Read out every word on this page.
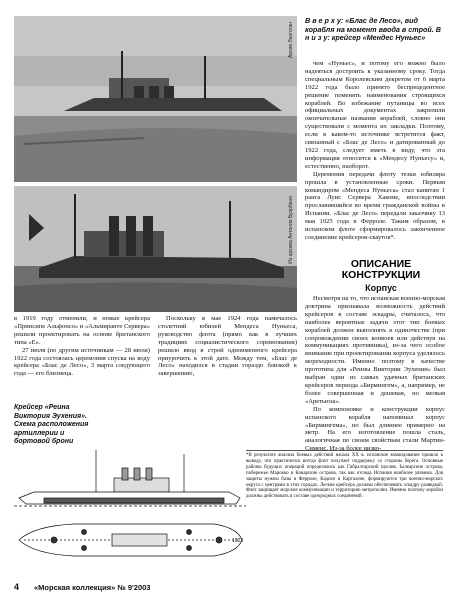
Архив Лангоган
В в е р х у: «Блас де Лесо», вид корабля на момент ввода в строй. В н и з у: крейсер «Мендес Нуньес»

чем «Нуньес», и потому его можно было надеяться достроить к указанному сроку. Тогда специальным Королевским декретом от 6 марта 1922 года было принято беспрецедентное решение поменять наименования строящихся кораблей. Во избежание путаницы во всех официальных документах закрепили окончательные названия кораблей, словно они существовали с момента их закладки. Поэтому, если в каком-то источнике встретится факт, связанный с «Блас де Лесо» и датированный до 1922 года, следует иметь в виду, что эта информация относится к «Мендесу Нуньесу» и, естественно, наоборот.

Церемония передачи флоту тезки юбиляра прошла в установленные сроки. Первым командиром «Мендеса Нуньеса» стал капитан 1 ранга Луис Сервера Хакоме, впоследствии прославившийся во время гражданской войны в Испании. «Блас де Лесо» передали заказчику 13 мая 1925 года в Ферроле. Таким образом, в испанском флоте сформировалось законченное соединение крейсеров-скаутов*.

Из архива Антонио Буэрбано
ОПИСАНИЕ КОНСТРУКЦИИ
Корпус

Несмотря на то, что испанская военно-морская доктрина признавала возможность действий крейсеров в составе эскадры, считалось, что наиболее вероятные задачи этот тип боевых кораблей должен выполнять в одиночестве (при сопровождении своих конвоев или действуя на коммуникациях противника), из-за чего особое внимание при проектировании корпуса уделялось мореходности. Именно поэтому в качестве прототипа для «Реины Виктории Эухении» был выбран один из самых удачных британских крейсеров периода «Бирмингем», а, например, не более совершенная и дешевая, но мелкая «Аретьюза».

По компоновке и конструкции корпус испанского корабля напоминал корпус «Бирмингема», но был длиннее примерно на метр. На его изготовление пошла сталь, аналогичная по своим свойствам стали Мартин-Сименс. Из-за более низко-

в 1919 году отменили, и новые крейсера «Принсипе Альфонсо» и «Альмиранте Сервера» решили проектировать на основе британского типа «Е».

27 июля (по другим источникам — 28 июля) 1922 года состоялась церемония спуска на воду крейсера «Блас де Лесо», 3 марта следующего года — его близнеца.

Поскольку в мае 1924 года намечалось столетний юбилей Мендеса Нуньеса, руководство флота (прямо как в лучших традициях социалистического соревнования) решило ввод в строй одноименного крейсера приурочить к этой дате. Между тем, «Блас де Лесо» находился в стадии гораздо близкой к завершению,

Крейсер «Реина Виктория Эухения». Схема расположения артиллерии и бортовой брони
1923
*В результате анализа боевых действий начала XX в. испанское командование пришло к выводу, что практически всегда флот получает поддержку со стороны берега. Основные районы будущих операций определялись как Гибралтарский пролив, Балеарские острова, побережье Марокко и Канарские острова, так как отсюда Испания наиболее уязвима. Для защиты нужны базы в Ферроле, Кадисе и Картахене, формируются три военно-морских округа с центрами в этих городах. Легкие крейсера должны обеспечивать эскадру разведкой. Флот защищает морские коммуникации и территорию метрополии. Именно поэтому корабли должны действовать в составе однородных соединений.
4 «Морская коллекция» № 9'2003
